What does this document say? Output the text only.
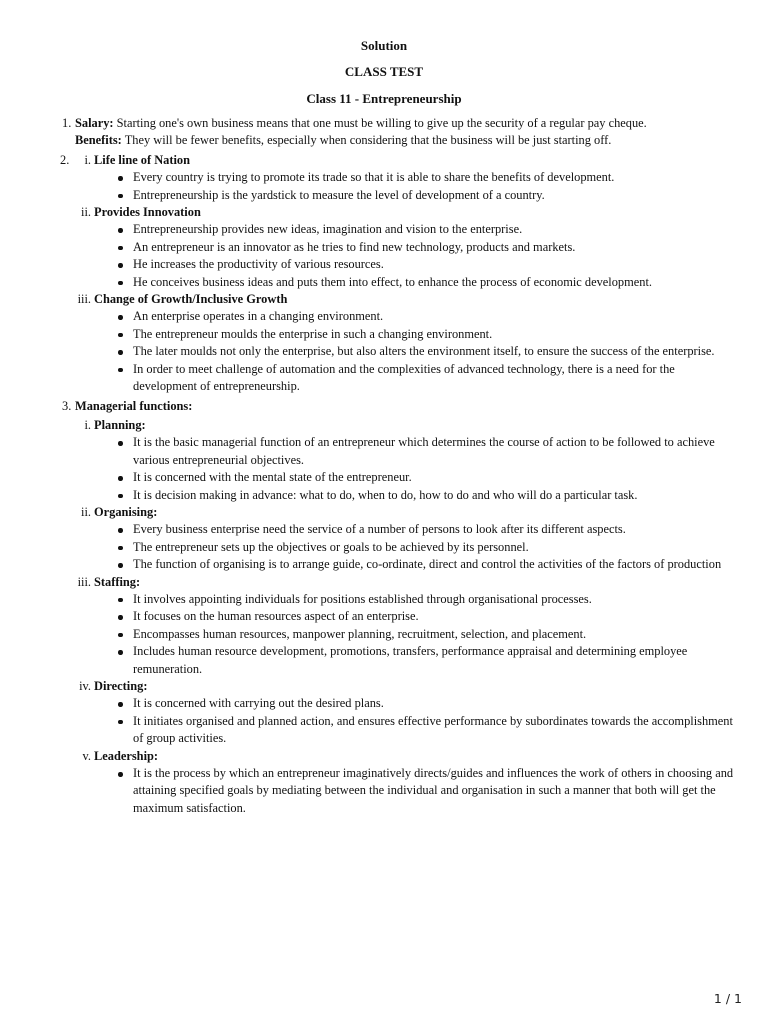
Solution
CLASS TEST
Class 11 - Entrepreneurship
1. Salary: Starting one's own business means that one must be willing to give up the security of a regular pay cheque.
Benefits: They will be fewer benefits, especially when considering that the business will be just starting off.
2.	i. Life line of Nation
Every country is trying to promote its trade so that it is able to share the benefits of development.
Entrepreneurship is the yardstick to measure the level of development of a country.
ii. Provides Innovation
Entrepreneurship provides new ideas, imagination and vision to the enterprise.
An entrepreneur is an innovator as he tries to find new technology, products and markets.
He increases the productivity of various resources.
He conceives business ideas and puts them into effect, to enhance the process of economic development.
iii. Change of Growth/Inclusive Growth
An enterprise operates in a changing environment.
The entrepreneur moulds the enterprise in such a changing environment.
The later moulds not only the enterprise, but also alters the environment itself, to ensure the success of the enterprise.
In order to meet challenge of automation and the complexities of advanced technology, there is a need for the development of entrepreneurship.
3. Managerial functions:
i. Planning:
It is the basic managerial function of an entrepreneur which determines the course of action to be followed to achieve various entrepreneurial objectives.
It is concerned with the mental state of the entrepreneur.
It is decision making in advance: what to do, when to do, how to do and who will do a particular task.
ii. Organising:
Every business enterprise need the service of a number of persons to look after its different aspects.
The entrepreneur sets up the objectives or goals to be achieved by its personnel.
The function of organising is to arrange guide, co-ordinate, direct and control the activities of the factors of production
iii. Staffing:
It involves appointing individuals for positions established through organisational processes.
It focuses on the human resources aspect of an enterprise.
Encompasses human resources, manpower planning, recruitment, selection, and placement.
Includes human resource development, promotions, transfers, performance appraisal and determining employee remuneration.
iv. Directing:
It is concerned with carrying out the desired plans.
It initiates organised and planned action, and ensures effective performance by subordinates towards the accomplishment of group activities.
v. Leadership:
It is the process by which an entrepreneur imaginatively directs/guides and influences the work of others in choosing and attaining specified goals by mediating between the individual and organisation in such a manner that both will get the maximum satisfaction.
1 / 1
